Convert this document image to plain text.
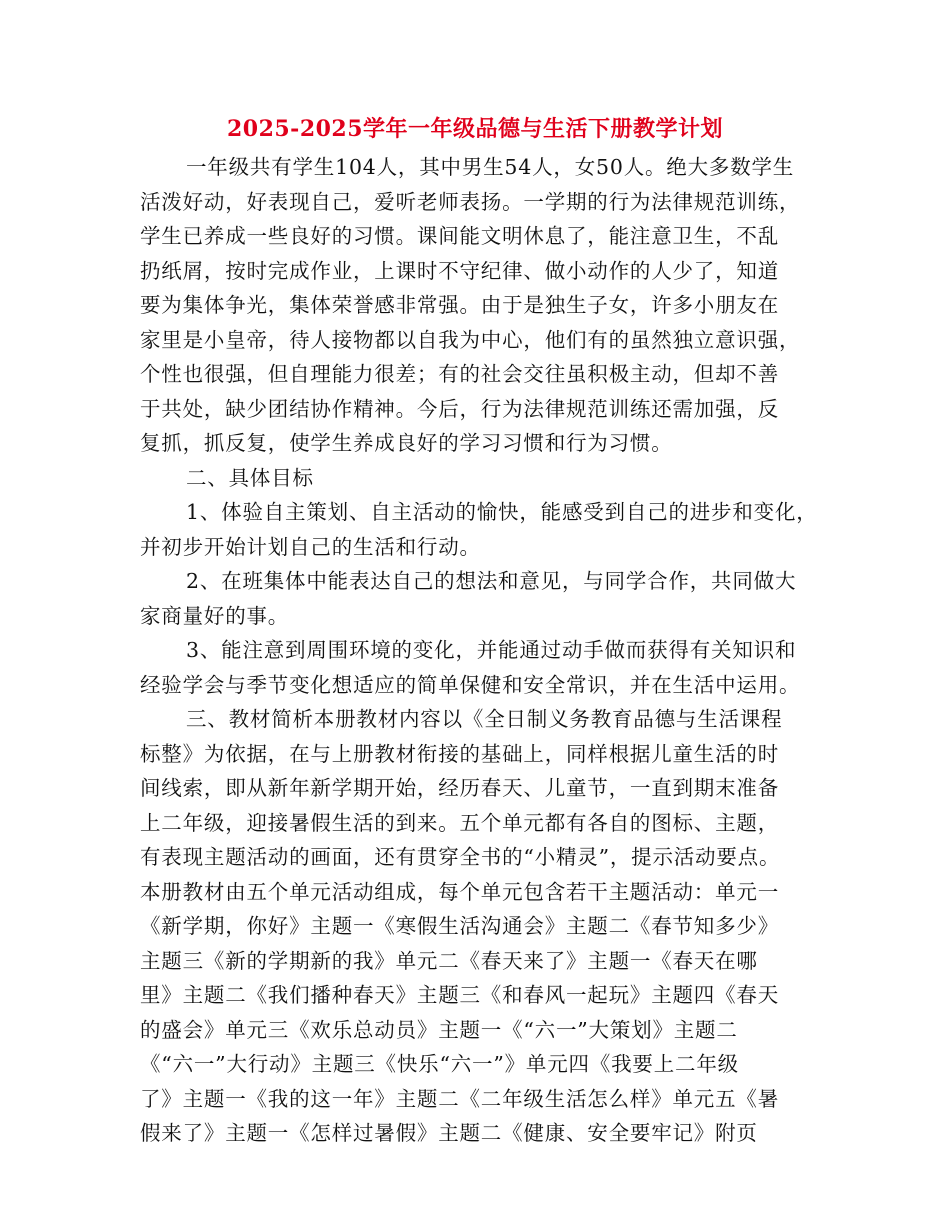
2025-2025学年一年级品德与生活下册教学计划
一年级共有学生104人，其中男生54人，女50人。绝大多数学生
活泼好动，好表现自己，爱听老师表扬。一学期的行为法律规范训练，
学生已养成一些良好的习惯。课间能文明休息了，能注意卫生，不乱
扔纸屑，按时完成作业，上课时不守纪律、做小动作的人少了，知道
要为集体争光，集体荣誉感非常强。由于是独生子女，许多小朋友在
家里是小皇帝，待人接物都以自我为中心，他们有的虽然独立意识强，
个性也很强，但自理能力很差；有的社会交往虽积极主动，但却不善
于共处，缺少团结协作精神。今后，行为法律规范训练还需加强，反
复抓，抓反复，使学生养成良好的学习习惯和行为习惯。
二、具体目标
1、体验自主策划、自主活动的愉快，能感受到自己的进步和变化，
并初步开始计划自己的生活和行动。
2、在班集体中能表达自己的想法和意见，与同学合作，共同做大
家商量好的事。
3、能注意到周围环境的变化，并能通过动手做而获得有关知识和
经验学会与季节变化想适应的简单保健和安全常识，并在生活中运用。
三、教材简析本册教材内容以《全日制义务教育品德与生活课程
标整》为依据，在与上册教材衔接的基础上，同样根据儿童生活的时
间线索，即从新年新学期开始，经历春天、儿童节，一直到期末准备
上二年级，迎接暑假生活的到来。五个单元都有各自的图标、主题，
有表现主题活动的画面，还有贯穿全书的“小精灵”，提示活动要点。
本册教材由五个单元活动组成，每个单元包含若干主题活动：单元一
《新学期，你好》主题一《寒假生活沟通会》主题二《春节知多少》
主题三《新的学期新的我》单元二《春天来了》主题一《春天在哪
里》主题二《我们播种春天》主题三《和春风一起玩》主题四《春天
的盛会》单元三《欢乐总动员》主题一《“六一”大策划》主题二
《“六一”大行动》主题三《快乐“六一”》单元四《我要上二年级
了》主题一《我的这一年》主题二《二年级生活怎么样》单元五《暑
假来了》主题一《怎样过暑假》主题二《健康、安全要牢记》附页
